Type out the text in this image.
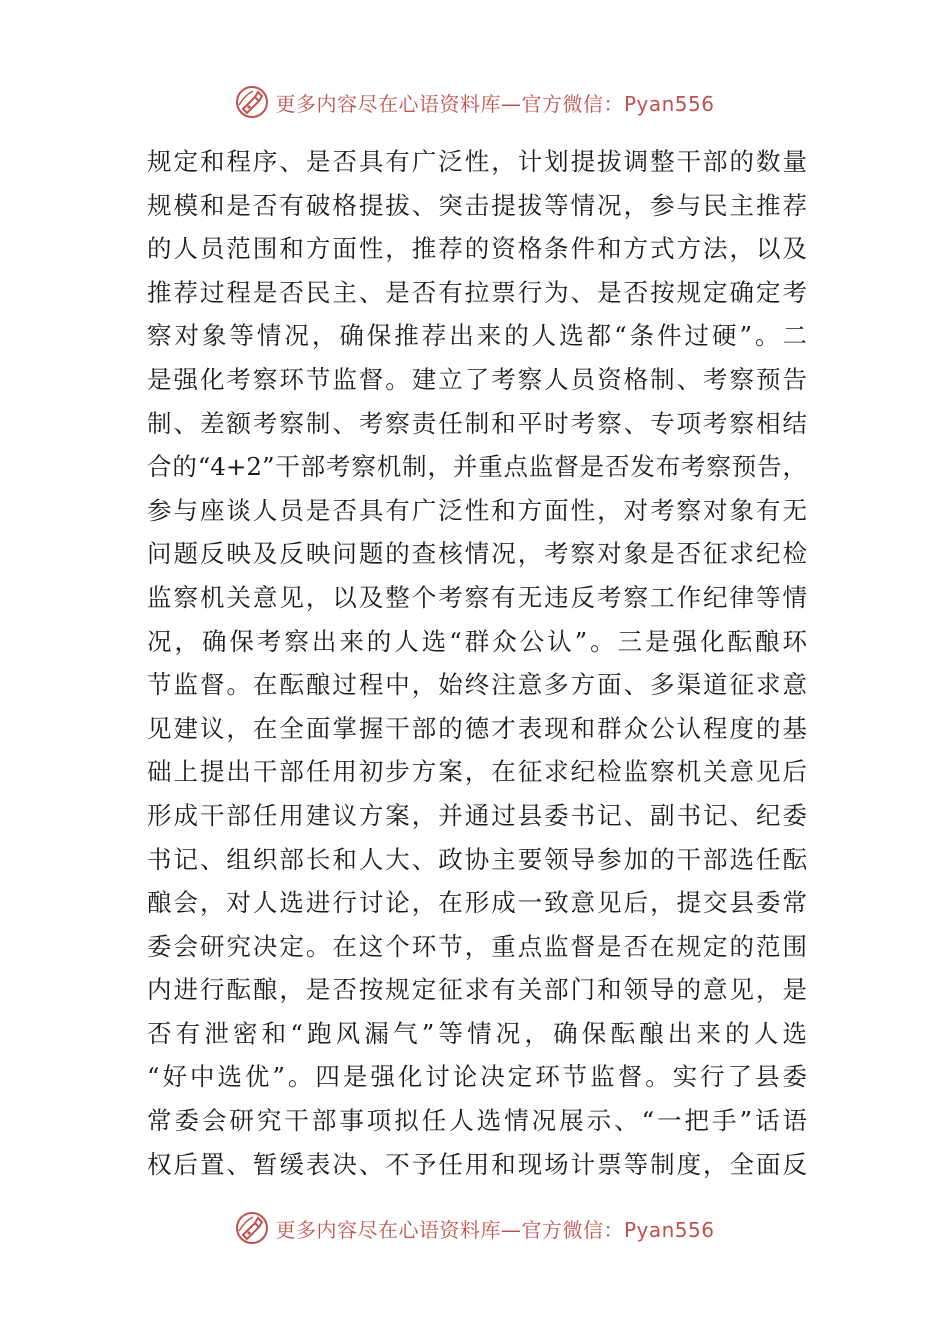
更多内容尽在心语资料库—官方微信：Pyan556
规定和程序、是否具有广泛性，计划提拔调整干部的数量
规模和是否有破格提拔、突击提拔等情况，参与民主推荐
的人员范围和方面性，推荐的资格条件和方式方法，以及
推荐过程是否民主、是否有拉票行为、是否按规定确定考
察对象等情况，确保推荐出来的人选都“条件过硬”。二
是强化考察环节监督。建立了考察人员资格制、考察预告
制、差额考察制、考察责任制和平时考察、专项考察相结
合的“4+2”干部考察机制，并重点监督是否发布考察预告，
参与座谈人员是否具有广泛性和方面性，对考察对象有无
问题反映及反映问题的查核情况，考察对象是否征求纪检
监察机关意见，以及整个考察有无违反考察工作纪律等情
况，确保考察出来的人选“群众公认”。三是强化酝酿环
节监督。在酝酿过程中，始终注意多方面、多渠道征求意
见建议，在全面掌握干部的德才表现和群众公认程度的基
础上提出干部任用初步方案，在征求纪检监察机关意见后
形成干部任用建议方案，并通过县委书记、副书记、纪委
书记、组织部长和人大、政协主要领导参加的干部选任酝
酿会，对人选进行讨论，在形成一致意见后，提交县委常
委会研究决定。在这个环节，重点监督是否在规定的范围
内进行酝酿，是否按规定征求有关部门和领导的意见，是
否有泄密和“跑风漏气”等情况，确保酝酿出来的人选
“好中选优”。四是强化讨论决定环节监督。实行了县委
常委会研究干部事项拟任人选情况展示、“一把手”话语
权后置、暂缓表决、不予任用和现场计票等制度，全面反
更多内容尽在心语资料库—官方微信：Pyan556
